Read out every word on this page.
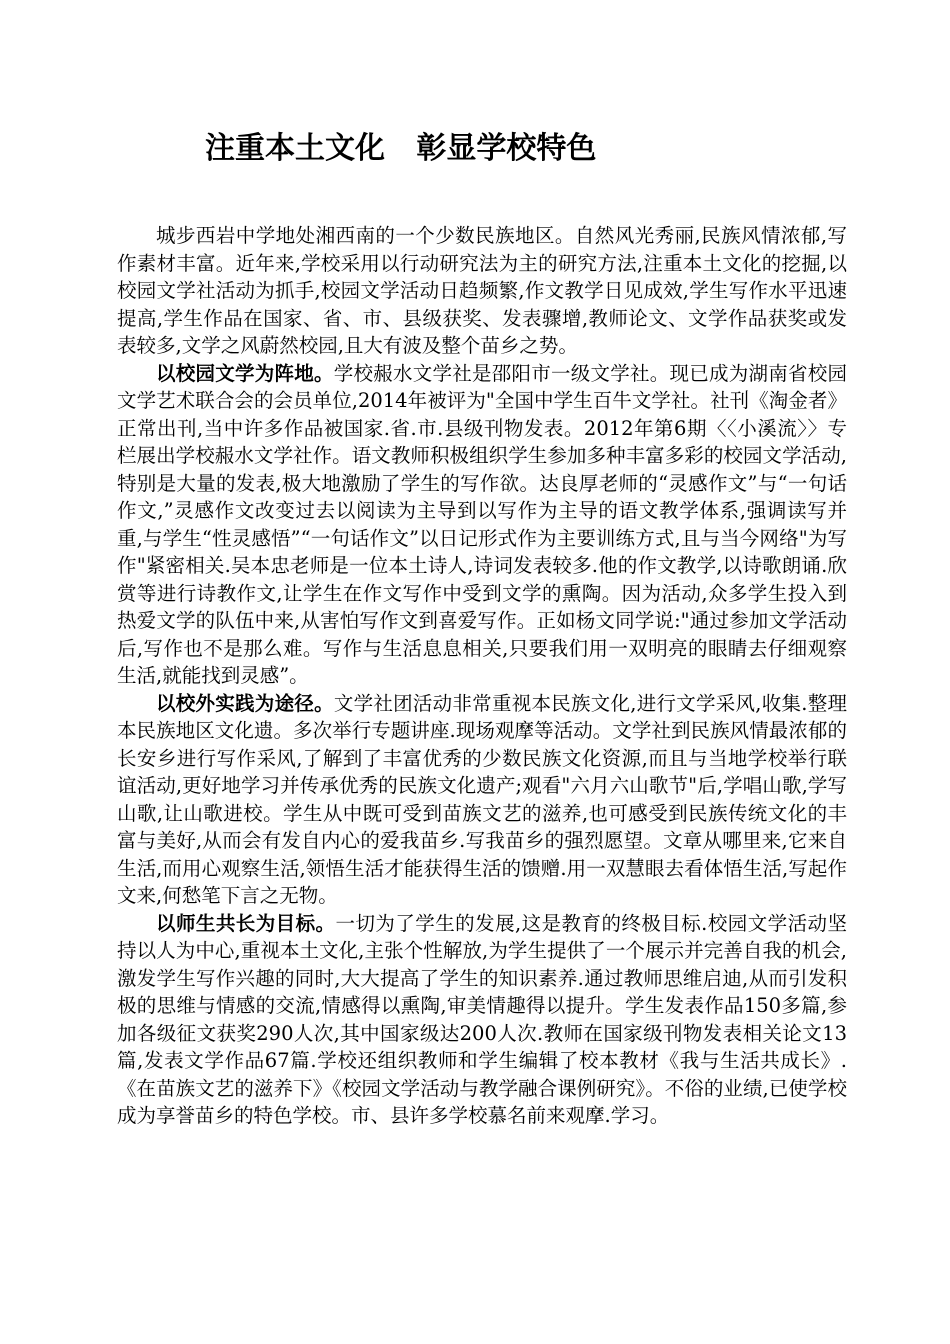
注重本土文化   彰显学校特色

城步西岩中学地处湘西南的一个少数民族地区。自然风光秀丽,民族风情浓郁,写作素材丰富。近年来,学校采用以行动研究法为主的研究方法,注重本土文化的挖掘,以校园文学社活动为抓手,校园文学活动日趋频繁,作文教学日见成效,学生写作水平迅速提高,学生作品在国家、省、市、县级获奖、发表骤增,教师论文、文学作品获奖或发表较多,文学之风蔚然校园,且大有波及整个苗乡之势。

以校园文学为阵地。学校赧水文学社是邵阳市一级文学社。现已成为湖南省校园文学艺术联合会的会员单位,2014年被评为"全国中学生百牛文学社。社刊《淘金者》正常出刊,当中许多作品被国家.省.市.县级刊物发表。2012年第6期〈〈小溪流〉〉专栏展出学校赧水文学社作。语文教师积极组织学生参加多种丰富多彩的校园文学活动,特别是大量的发表,极大地激励了学生的写作欲。达良厚老师的“灵感作文”与“一句话作文,”灵感作文改变过去以阅读为主导到以写作为主导的语文教学体系,强调读写并重,与学生“性灵感悟”“一句话作文”以日记形式作为主要训练方式,且与当今网络"为写作"紧密相关.吴本忠老师是一位本土诗人,诗词发表较多.他的作文教学,以诗歌朗诵.欣赏等进行诗教作文,让学生在作文写作中受到文学的熏陶。因为活动,众多学生投入到热爱文学的队伍中来,从害怕写作文到喜爱写作。正如杨文同学说:"通过参加文学活动后,写作也不是那么难。写作与生活息息相关,只要我们用一双明亮的眼睛去仔细观察生活,就能找到灵感”。

以校外实践为途径。文学社团活动非常重视本民族文化,进行文学采风,收集.整理本民族地区文化遗。多次举行专题讲座.现场观摩等活动。文学社到民族风情最浓郁的长安乡进行写作采风,了解到了丰富优秀的少数民族文化资源,而且与当地学校举行联谊活动,更好地学习并传承优秀的民族文化遗产;观看"六月六山歌节"后,学唱山歌,学写山歌,让山歌进校。学生从中既可受到苗族文艺的滋养,也可感受到民族传统文化的丰富与美好,从而会有发自内心的爱我苗乡.写我苗乡的强烈愿望。文章从哪里来,它来自生活,而用心观察生活,领悟生活才能获得生活的馈赠.用一双慧眼去看体悟生活,写起作文来,何愁笔下言之无物。

以师生共长为目标。一切为了学生的发展,这是教育的终极目标.校园文学活动坚持以人为中心,重视本土文化,主张个性解放,为学生提供了一个展示并完善自我的机会,激发学生写作兴趣的同时,大大提高了学生的知识素养.通过教师思维启迪,从而引发积极的思维与情感的交流,情感得以熏陶,审美情趣得以提升。学生发表作品150多篇,参加各级征文获奖290人次,其中国家级达200人次.教师在国家级刊物发表相关论文13篇,发表文学作品67篇.学校还组织教师和学生编辑了校本教材《我与生活共成长》.《在苗族文艺的滋养下》《校园文学活动与教学融合课例研究》。不俗的业绩,已使学校成为享誉苗乡的特色学校。市、县许多学校慕名前来观摩.学习。
